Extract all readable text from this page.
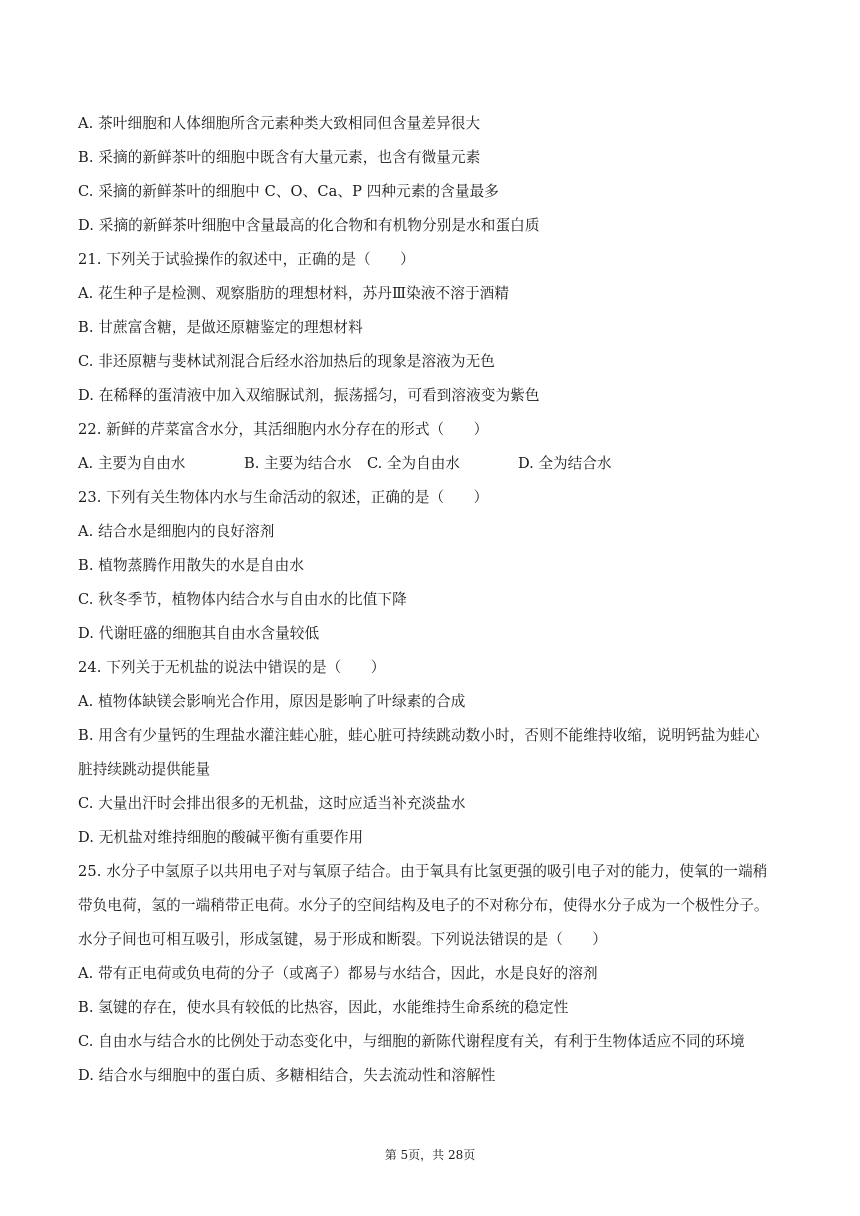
A. 茶叶细胞和人体细胞所含元素种类大致相同但含量差异很大
B. 采摘的新鲜茶叶的细胞中既含有大量元素，也含有微量元素
C. 采摘的新鲜茶叶的细胞中 C、O、Ca、P 四种元素的含量最多
D. 采摘的新鲜茶叶细胞中含量最高的化合物和有机物分别是水和蛋白质
21. 下列关于试验操作的叙述中，正确的是（　　）
A. 花生种子是检测、观察脂肪的理想材料，苏丹Ⅲ染液不溶于酒精
B. 甘蔗富含糖，是做还原糖鉴定的理想材料
C. 非还原糖与斐林试剂混合后经水浴加热后的现象是溶液为无色
D. 在稀释的蛋清液中加入双缩脲试剂，振荡摇匀，可看到溶液变为紫色
22. 新鲜的芹菜富含水分，其活细胞内水分存在的形式（　　）
A. 主要为自由水	B. 主要为结合水	C. 全为自由水	D. 全为结合水
23. 下列有关生物体内水与生命活动的叙述，正确的是（　　）
A. 结合水是细胞内的良好溶剂
B. 植物蒸腾作用散失的水是自由水
C. 秋冬季节，植物体内结合水与自由水的比值下降
D. 代谢旺盛的细胞其自由水含量较低
24. 下列关于无机盐的说法中错误的是（　　）
A. 植物体缺镁会影响光合作用，原因是影响了叶绿素的合成
B. 用含有少量钙的生理盐水灌注蛙心脏，蛙心脏可持续跳动数小时，否则不能维持收缩，说明钙盐为蛙心
脏持续跳动提供能量
C. 大量出汗时会排出很多的无机盐，这时应适当补充淡盐水
D. 无机盐对维持细胞的酸碱平衡有重要作用
25. 水分子中氢原子以共用电子对与氧原子结合。由于氧具有比氢更强的吸引电子对的能力，使氧的一端稍
带负电荷，氢的一端稍带正电荷。水分子的空间结构及电子的不对称分布，使得水分子成为一个极性分子。
水分子间也可相互吸引，形成氢键，易于形成和断裂。下列说法错误的是（　　）
A. 带有正电荷或负电荷的分子（或离子）都易与水结合，因此，水是良好的溶剂
B. 氢键的存在，使水具有较低的比热容，因此，水能维持生命系统的稳定性
C. 自由水与结合水的比例处于动态变化中，与细胞的新陈代谢程度有关，有利于生物体适应不同的环境
D. 结合水与细胞中的蛋白质、多糖相结合，失去流动性和溶解性
第 5页，共 28页
